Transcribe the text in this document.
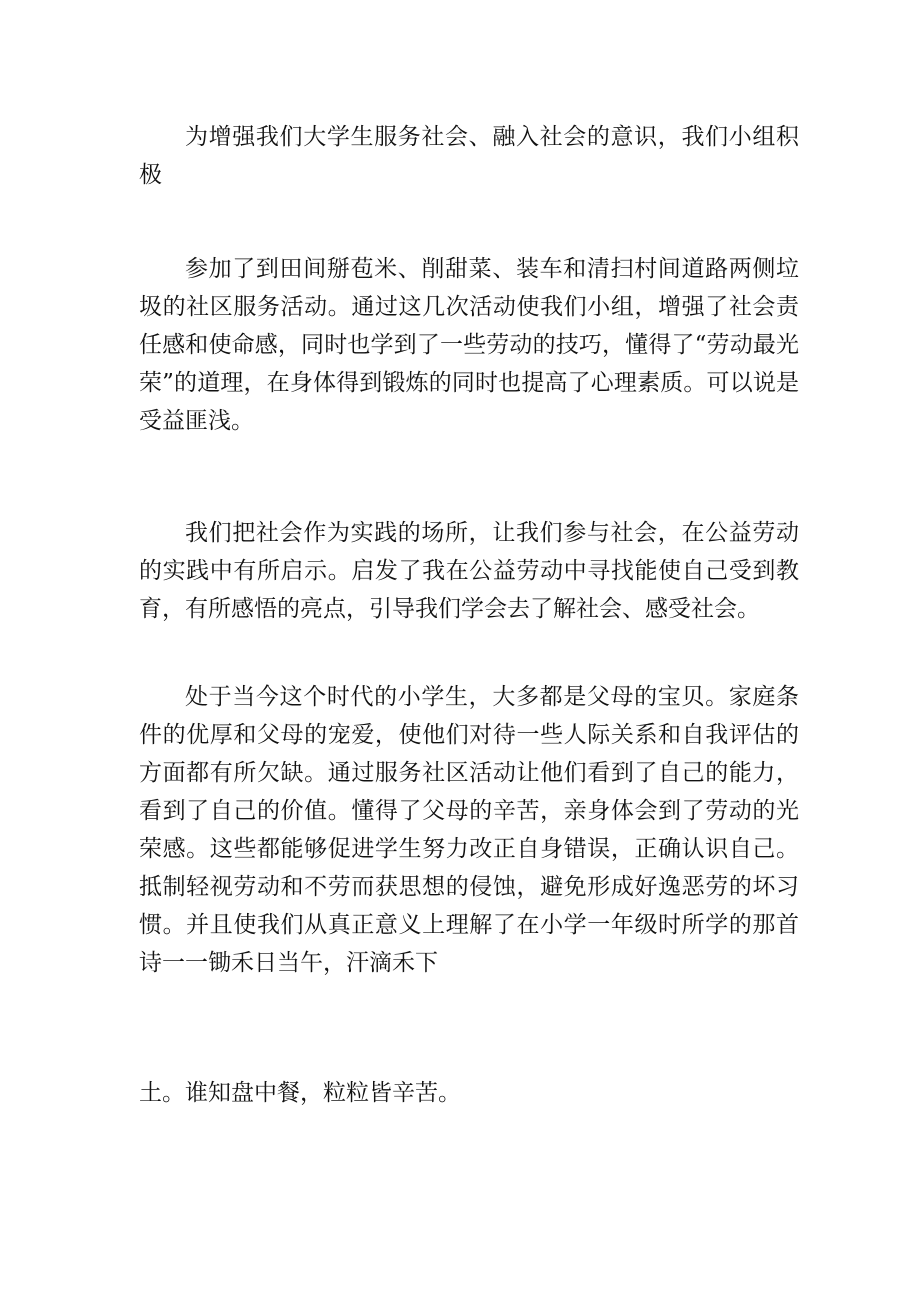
为增强我们大学生服务社会、融入社会的意识，我们小组积极

参加了到田间掰苞米、削甜菜、装车和清扫村间道路两侧垃圾的社区服务活动。通过这几次活动使我们小组，增强了社会责任感和使命感，同时也学到了一些劳动的技巧，懂得了“劳动最光荣”的道理，在身体得到锻炼的同时也提高了心理素质。可以说是受益匪浅。

我们把社会作为实践的场所，让我们参与社会，在公益劳动的实践中有所启示。启发了我在公益劳动中寻找能使自己受到教育，有所感悟的亮点，引导我们学会去了解社会、感受社会。

处于当今这个时代的小学生，大多都是父母的宝贝。家庭条件的优厚和父母的宠爱，使他们对待一些人际关系和自我评估的方面都有所欠缺。通过服务社区活动让他们看到了自己的能力，看到了自己的价值。懂得了父母的辛苦，亲身体会到了劳动的光荣感。这些都能够促进学生努力改正自身错误，正确认识自己。抵制轻视劳动和不劳而获思想的侵蚀，避免形成好逸恶劳的坏习惯。并且使我们从真正意义上理解了在小学一年级时所学的那首诗一一锄禾日当午，汗滴禾下

土。谁知盘中餐，粒粒皆辛苦。
